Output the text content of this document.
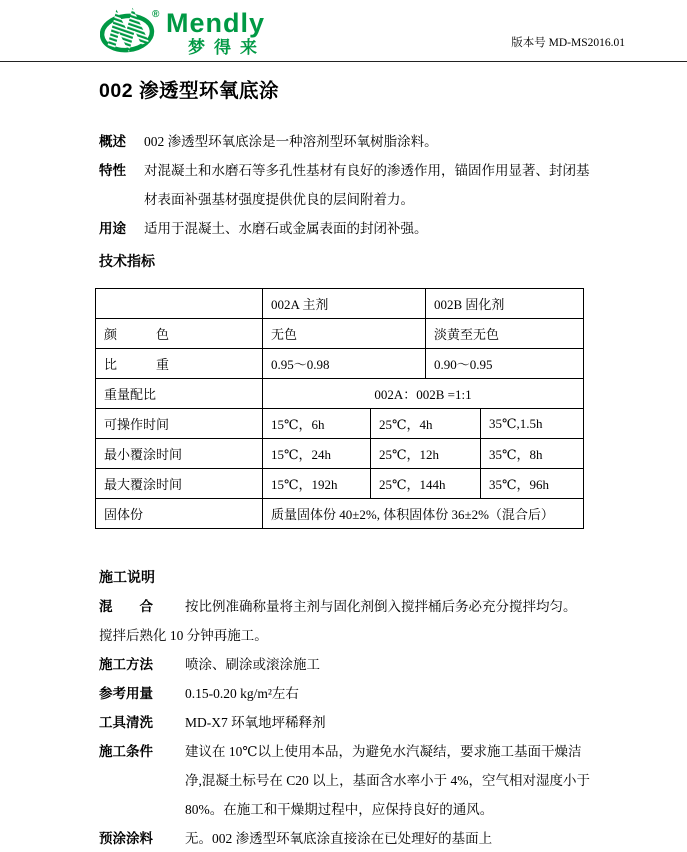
® Mendly
梦得来	版本号 MD-MS2016.01
002 渗透型环氧底涂
概述	002 渗透型环氧底涂是一种溶剂型环氧树脂涂料。
特性	对混凝土和水磨石等多孔性基材有良好的渗透作用，锚固作用显著、封闭基材表面补强基材强度提供优良的层间附着力。
用途	适用于混凝土、水磨石或金属表面的封闭补强。
技术指标
	002A 主剂		002B 固化剂	
颜　　　色	无色		淡黄至无色	
比　　　重	0.95～0.98		0.90～0.95	
重量配比	002A：002B =1:1			
可操作时间	15℃，6h	25℃，4h		35℃,1.5h
最小覆涂时间	15℃，24h	25℃，12h		35℃，8h
最大覆涂时间	15℃，192h	25℃，144h		35℃，96h
固体份	质量固体份 40±2%, 体积固体份 36±2%（混合后）			
施工说明
混　　合	按比例准确称量将主剂与固化剂倒入搅拌桶后务必充分搅拌均匀。
搅拌后熟化 10 分钟再施工。
施工方法	喷涂、刷涂或滚涂施工
参考用量	0.15-0.20 kg/m²左右
工具清洗	MD-X7 环氧地坪稀释剂
施工条件	建议在 10℃以上使用本品，为避免水汽凝结，要求施工基面干燥洁净,混凝土标号在 C20 以上，基面含水率小于 4%，空气相对湿度小于 80%。在施工和干燥期过程中，应保持良好的通风。
预涂涂料	无。002 渗透型环氧底涂直接涂在已处理好的基面上
